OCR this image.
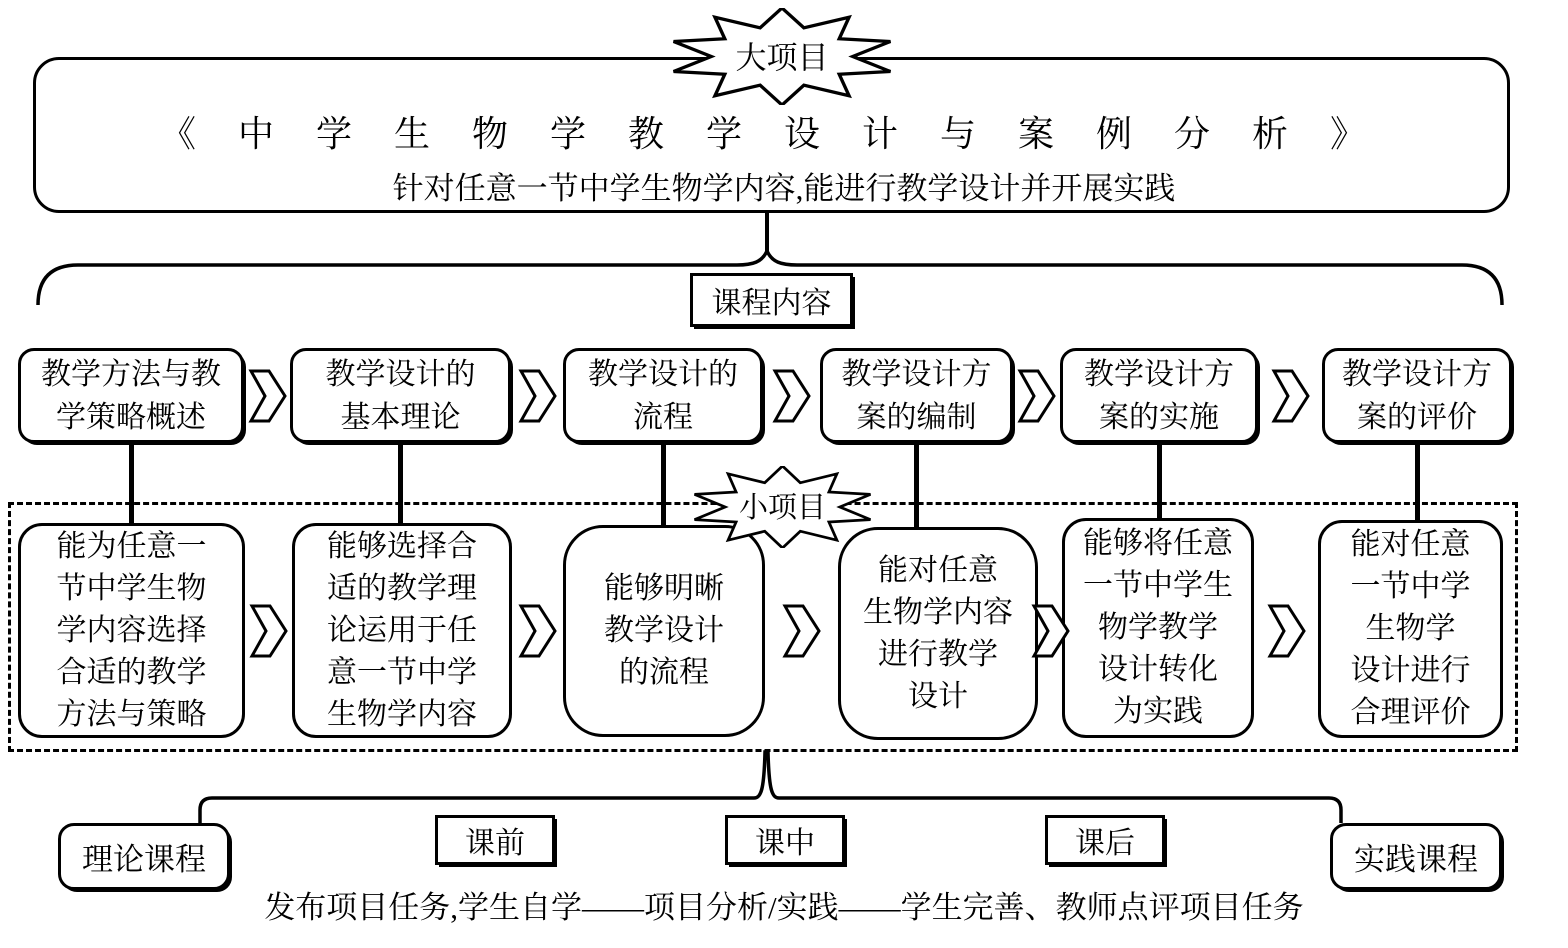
《中学生物学教学设计与案例分析》
针对任意一节中学生物学内容,能进行教学设计并开展实践
课程内容
教学方法与教
学策略概述
教学设计的
基本理论
教学设计的
流程
教学设计方
案的编制
教学设计方
案的实施
教学设计方
案的评价
能为任意一
节中学生物
学内容选择
合适的教学
方法与策略
能够选择合
适的教学理
论运用于任
意一节中学
生物学内容
能够明晰
教学设计
的流程
能对任意
生物学内容
进行教学
设计
能够将任意
一节中学生
物学教学
设计转化
为实践
能对任意
一节中学
生物学
设计进行
合理评价
大项目
小项目
理论课程	课前	课中	课后	实践课程
发布项目任务,学生自学——项目分析/实践——学生完善、教师点评项目任务
